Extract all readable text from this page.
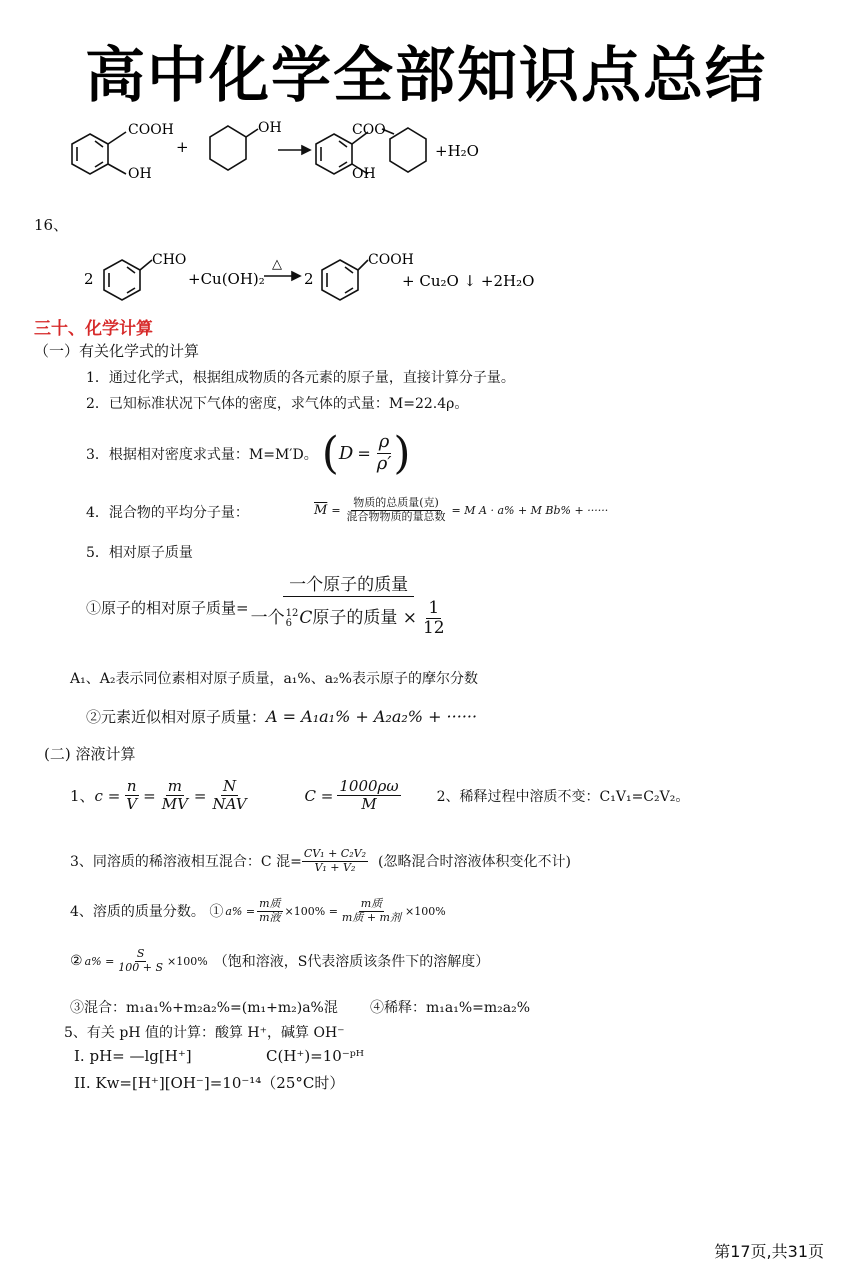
高中化学全部知识点总结
COOH
OH
+
OH	COO
OH
+H₂O
16、
2
CHO
+Cu(OH)₂
△
2
COOH
+ Cu₂O ↓ +2H₂O
三十、化学计算
（一）有关化学式的计算
1．通过化学式，根据组成物质的各元素的原子量，直接计算分子量。
2．已知标准状况下气体的密度，求气体的式量：M=22.4ρ。
3．根据相对密度求式量：M=M′D。 ( $D = \frac{\rho}{\rho'}$ )
4．混合物的平均分子量：	$\overline{M} = \frac{\text{物质的总质量(克)}}{\text{混合物物质的量总数}} = M$ A · a% + M Bb% + ······
5．相对原子质量
①原子的相对原子质量=
一个原子的质量
一个 12
6 C 原子的质量 × $\frac{1}{12}$
A₁、A₂表示同位素相对原子质量，a₁%、a₂%表示原子的摩尔分数
②元素近似相对原子质量： A = A₁a₁% + A₂a₂% + ······
(二) 溶液计算
1、 $c = \frac{n}{V} = \frac{m}{MV} = \frac{N}{\text{NAV}}$	$C = \frac{1000\rho\omega}{M}$	2、稀释过程中溶质不变：C₁V₁=C₂V₂。
3、同溶质的稀溶液相互混合：C 混= $\frac{\text{CV₁ + C₂V₂}}{\text{V₁ + V₂}}$ (忽略混合时溶液体积变化不计)
4、溶质的质量分数。 ① $a\% = \frac{\text{m质}}{\text{m液}} \times 100\% = \frac{\text{m质}}{\text{m质 + m剂}} \times 100\%$
② $a\% = \frac{S}{100 + S} \times 100\%$ （饱和溶液，S代表溶质该条件下的溶解度）
③混合：m₁a₁%+m₂a₂%=(m₁+m₂)a%混 ④稀释：m₁a₁%=m₂a₂%
5、有关 pH 值的计算：酸算 H⁺，碱算 OH⁻
I. pH= —lg[H⁺]	C(H⁺)=10⁻ᵖᴴ
II. Kw=[H⁺][OH⁻]=10⁻¹⁴（25°C时）
第17页,共31页
